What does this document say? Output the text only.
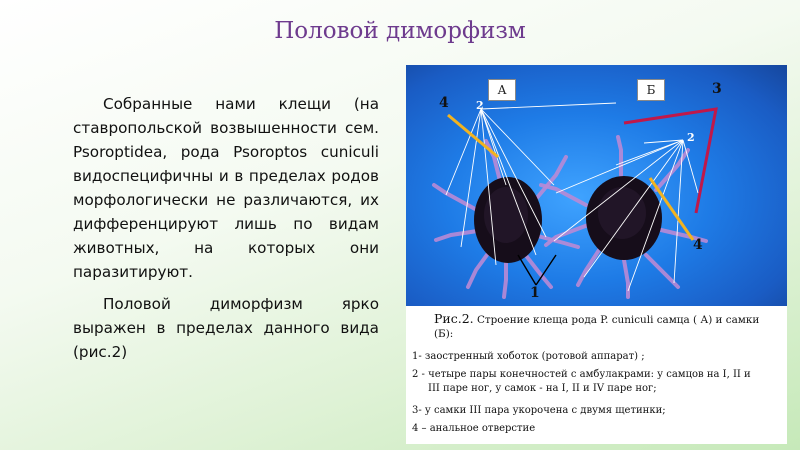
Половой диморфизм

Собранные нами клещи (на ставропольской возвышенности сем. Psoroptidea, рода Psoroptos cuniculi видоспецифичны и в пределах родов морфологически не различаются, их дифференцируют лишь по видам животных, на которых они паразитируют.

Половой диморфизм ярко выражен в пределах данного вида (рис.2)

А	Б
1
2
2
3
4
4
Рис.2. Строение клеща рода P. cuniculi самца ( А) и самки (Б):
1- заостренный хоботок (ротовой аппарат) ;
2 - четыре пары конечностей с амбулакрами: у самцов на I, II и
III паре ног, у самок - на I, II и IV паре ног;
3- у самки III пара укорочена с двумя щетинки;
4 – анальное отверстие
